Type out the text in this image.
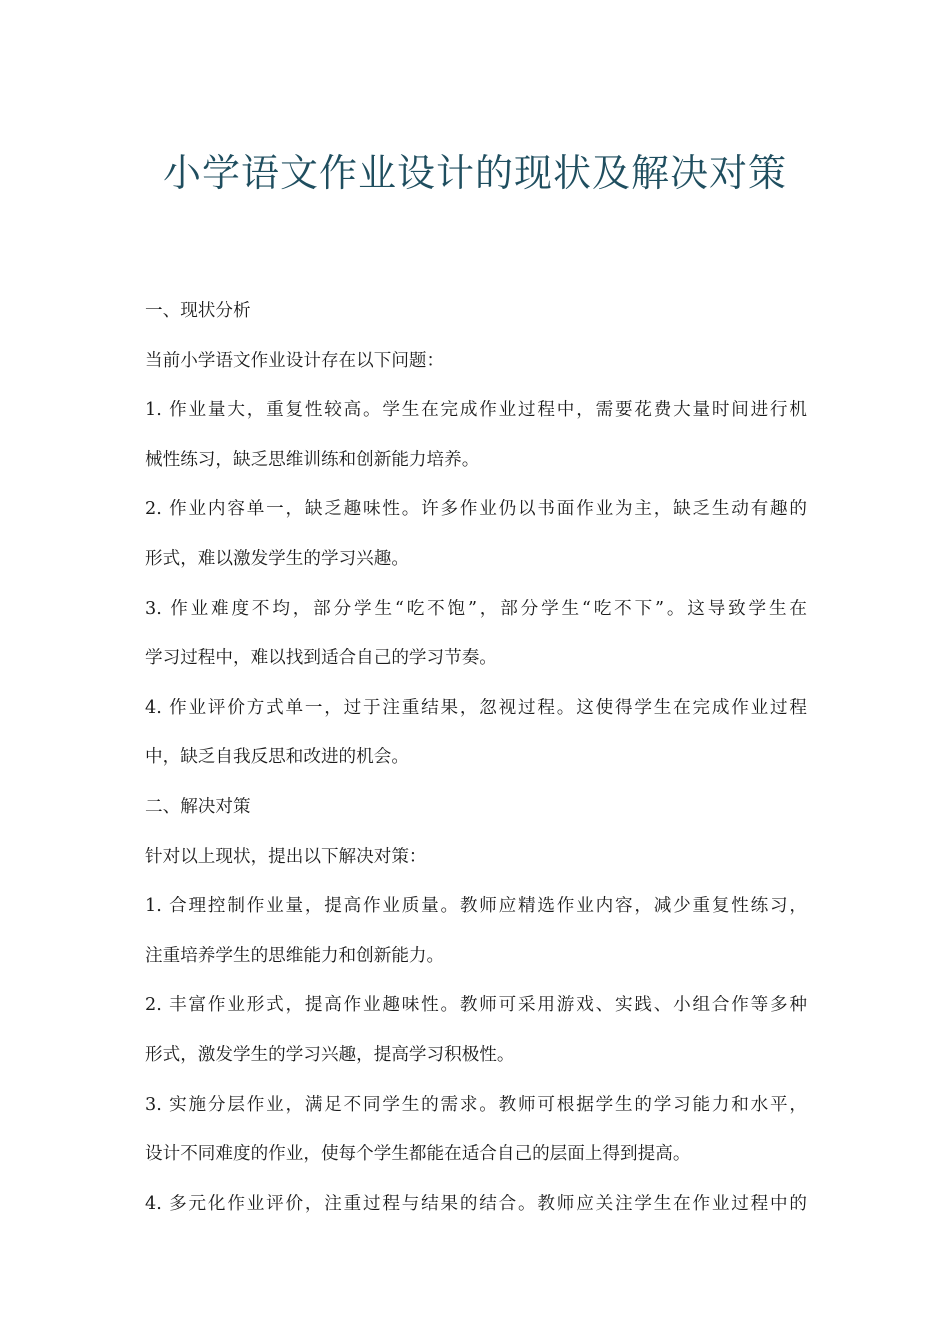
小学语文作业设计的现状及解决对策
一、现状分析
当前小学语文作业设计存在以下问题：
1. 作业量大，重复性较高。学生在完成作业过程中，需要花费大量时间进行机
械性练习，缺乏思维训练和创新能力培养。
2. 作业内容单一，缺乏趣味性。许多作业仍以书面作业为主，缺乏生动有趣的
形式，难以激发学生的学习兴趣。
3. 作业难度不均，部分学生“吃不饱”，部分学生“吃不下”。这导致学生在
学习过程中，难以找到适合自己的学习节奏。
4. 作业评价方式单一，过于注重结果，忽视过程。这使得学生在完成作业过程
中，缺乏自我反思和改进的机会。
二、解决对策
针对以上现状，提出以下解决对策：
1. 合理控制作业量，提高作业质量。教师应精选作业内容，减少重复性练习，
注重培养学生的思维能力和创新能力。
2. 丰富作业形式，提高作业趣味性。教师可采用游戏、实践、小组合作等多种
形式，激发学生的学习兴趣，提高学习积极性。
3. 实施分层作业，满足不同学生的需求。教师可根据学生的学习能力和水平，
设计不同难度的作业，使每个学生都能在适合自己的层面上得到提高。
4. 多元化作业评价，注重过程与结果的结合。教师应关注学生在作业过程中的
